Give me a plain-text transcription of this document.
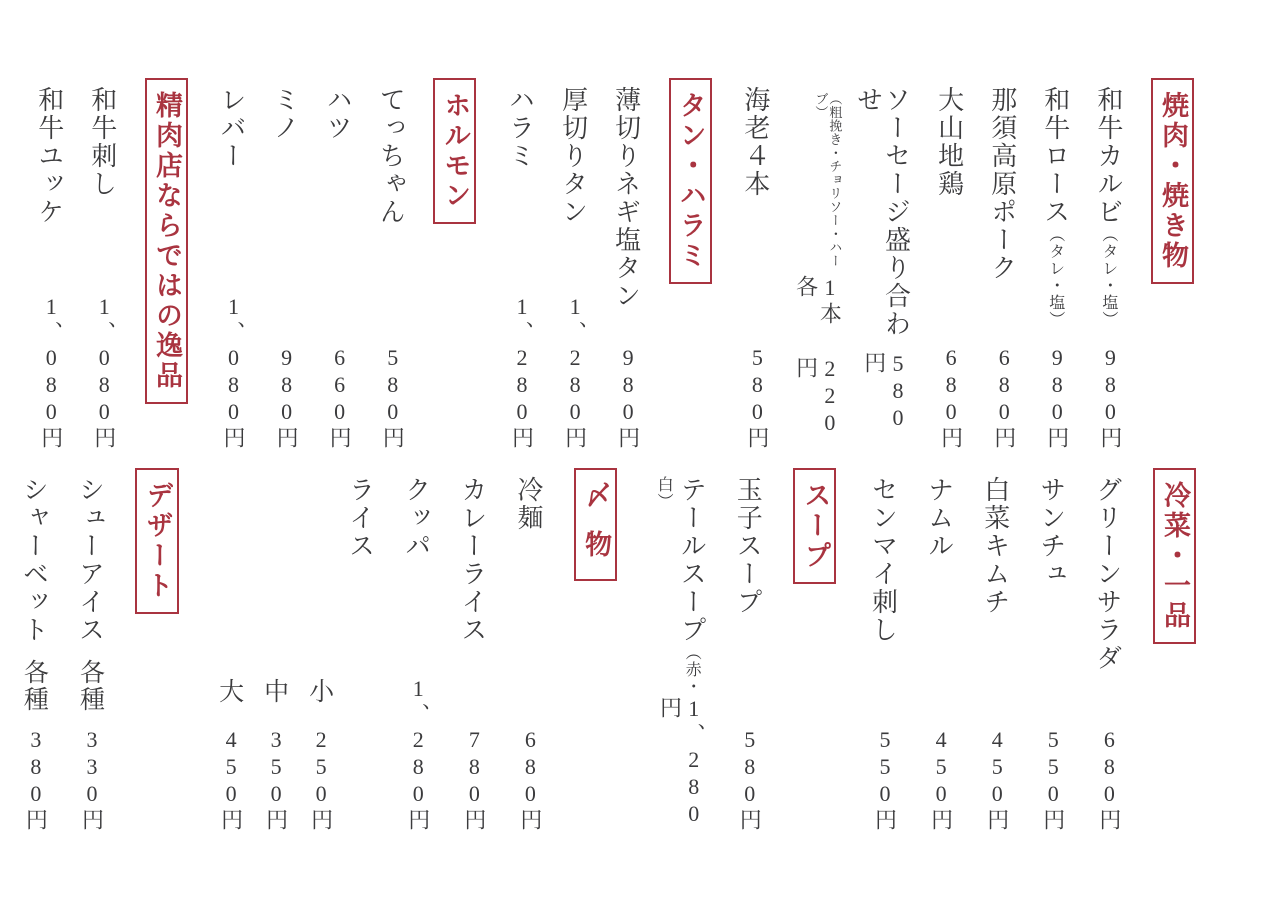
焼肉・焼き物
和牛カルビ（タレ・塩）
980円
和牛ロース（タレ・塩）
980円
那須高原ポーク
680円
大山地鶏
680円
ソーセージ盛り合わせ
580円
（粗挽き・チョリソー・ハーブ）
1本各
220円
海老４本
580円
タン・ハラミ
薄切りネギ塩タン
980円
厚切りタン
1、280円
ハラミ
1、280円
ホルモン
てっちゃん
580円
ハツ
660円
ミノ
980円
レバー
1、080円
精肉店ならではの逸品
和牛刺し
1、080円
和牛ユッケ
1、080円
冷菜・一品
グリーンサラダ
680円
サンチュ
550円
白菜キムチ
450円
ナムル
450円
センマイ刺し
550円
スープ
玉子スープ
580円
テールスープ（赤・白）
1、280円
〆物
冷麺
680円
カレーライス
780円
クッパ
1、280円
ライス
小
250円
中
350円
大
450円
デザート
シューアイス
各種
330円
シャーベット
各種
380円
